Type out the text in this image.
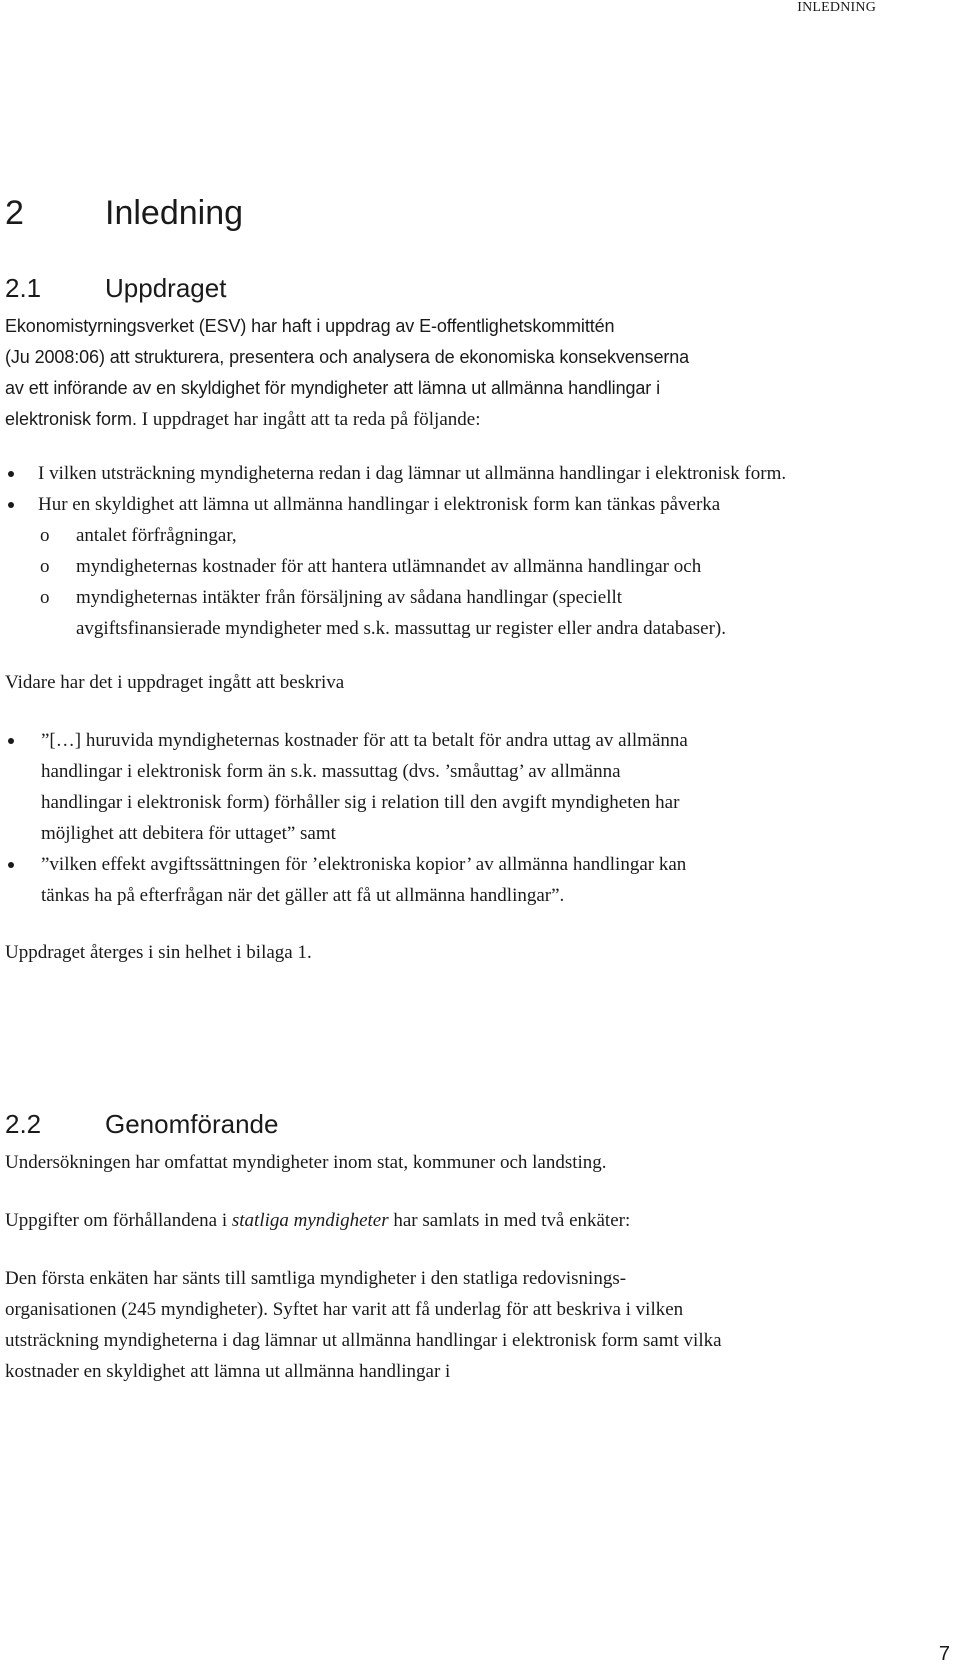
INLEDNING
2 Inledning
2.1 Uppdraget

Ekonomistyrningsverket (ESV) har haft i uppdrag av E-offentlighetskommittén

(Ju 2008:06) att strukturera, presentera och analysera de ekonomiska konsekvenserna

av ett införande av en skyldighet för myndigheter att lämna ut allmänna handlingar i

elektronisk form. I uppdraget har ingått att ta reda på följande:

I vilken utsträckning myndigheterna redan i dag lämnar ut allmänna handlingar i elektronisk form.
Hur en skyldighet att lämna ut allmänna handlingar i elektronisk form kan tänkas påverka
o antalet förfrågningar,
o myndigheternas kostnader för att hantera utlämnandet av allmänna handlingar och
o myndigheternas intäkter från försäljning av sådana handlingar (speciellt avgiftsfinansierade myndigheter med s.k. massuttag ur register eller andra databaser).

Vidare har det i uppdraget ingått att beskriva

”[…] huruvida myndigheternas kostnader för att ta betalt för andra uttag av allmänna handlingar i elektronisk form än s.k. massuttag (dvs. ’småuttag’ av allmänna handlingar i elektronisk form) förhåller sig i relation till den avgift myndigheten har möjlighet att debitera för uttaget” samt
”vilken effekt avgiftssättningen för ’elektroniska kopior’ av allmänna handlingar kan tänkas ha på efterfrågan när det gäller att få ut allmänna handlingar”.

Uppdraget återges i sin helhet i bilaga 1.

2.2 Genomförande

Undersökningen har omfattat myndigheter inom stat, kommuner och landsting.

Uppgifter om förhållandena i statliga myndigheter har samlats in med två enkäter:

Den första enkäten har sänts till samtliga myndigheter i den statliga redovisnings-
organisationen (245 myndigheter). Syftet har varit att få underlag för att beskriva i vilken utsträckning myndigheterna i dag lämnar ut allmänna handlingar i elektronisk form samt vilka kostnader en skyldighet att lämna ut allmänna handlingar i

7
